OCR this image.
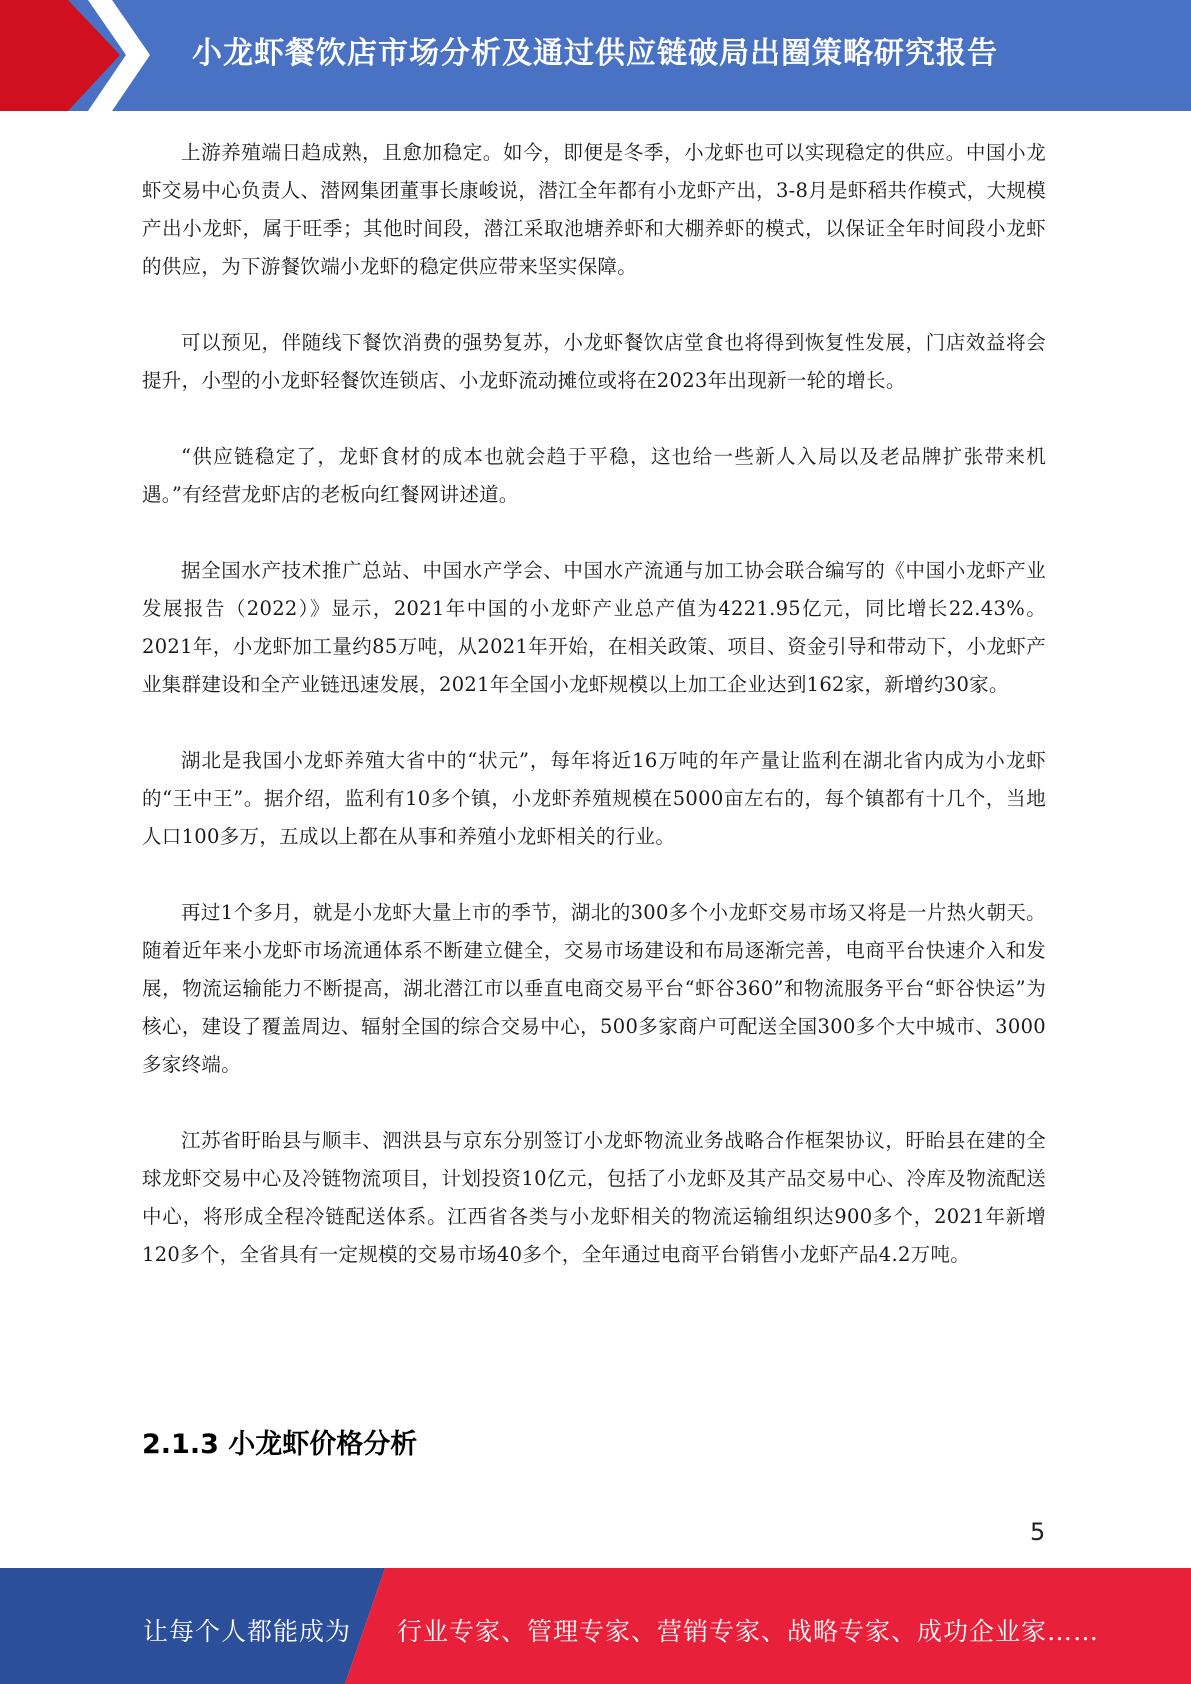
小龙虾餐饮店市场分析及通过供应链破局出圈策略研究报告

上游养殖端日趋成熟，且愈加稳定。如今，即便是冬季，小龙虾也可以实现稳定的供应。中国小龙虾交易中心负责人、潜网集团董事长康峻说，潜江全年都有小龙虾产出，3-8月是虾稻共作模式，大规模产出小龙虾，属于旺季；其他时间段，潜江采取池塘养虾和大棚养虾的模式，以保证全年时间段小龙虾的供应，为下游餐饮端小龙虾的稳定供应带来坚实保障。

可以预见，伴随线下餐饮消费的强势复苏，小龙虾餐饮店堂食也将得到恢复性发展，门店效益将会提升，小型的小龙虾轻餐饮连锁店、小龙虾流动摊位或将在2023年出现新一轮的增长。

“供应链稳定了，龙虾食材的成本也就会趋于平稳，这也给一些新人入局以及老品牌扩张带来机遇。”有经营龙虾店的老板向红餐网讲述道。

据全国水产技术推广总站、中国水产学会、中国水产流通与加工协会联合编写的《中国小龙虾产业发展报告（2022）》显示，2021年中国的小龙虾产业总产值为4221.95亿元，同比增长22.43%。2021年，小龙虾加工量约85万吨，从2021年开始，在相关政策、项目、资金引导和带动下，小龙虾产业集群建设和全产业链迅速发展，2021年全国小龙虾规模以上加工企业达到162家，新增约30家。

湖北是我国小龙虾养殖大省中的“状元”，每年将近16万吨的年产量让监利在湖北省内成为小龙虾的“王中王”。据介绍，监利有10多个镇，小龙虾养殖规模在5000亩左右的，每个镇都有十几个，当地人口100多万，五成以上都在从事和养殖小龙虾相关的行业。

再过1个多月，就是小龙虾大量上市的季节，湖北的300多个小龙虾交易市场又将是一片热火朝天。随着近年来小龙虾市场流通体系不断建立健全，交易市场建设和布局逐渐完善，电商平台快速介入和发展，物流运输能力不断提高，湖北潜江市以垂直电商交易平台“虾谷360”和物流服务平台“虾谷快运”为核心，建设了覆盖周边、辐射全国的综合交易中心，500多家商户可配送全国300多个大中城市、3000多家终端。

江苏省盱眙县与顺丰、泗洪县与京东分别签订小龙虾物流业务战略合作框架协议，盱眙县在建的全球龙虾交易中心及冷链物流项目，计划投资10亿元，包括了小龙虾及其产品交易中心、冷库及物流配送中心，将形成全程冷链配送体系。江西省各类与小龙虾相关的物流运输组织达900多个，2021年新增120多个，全省具有一定规模的交易市场40多个，全年通过电商平台销售小龙虾产品4.2万吨。

2.1.3 小龙虾价格分析
5
让每个人都能成为 行业专家、管理专家、营销专家、战略专家、成功企业家……
